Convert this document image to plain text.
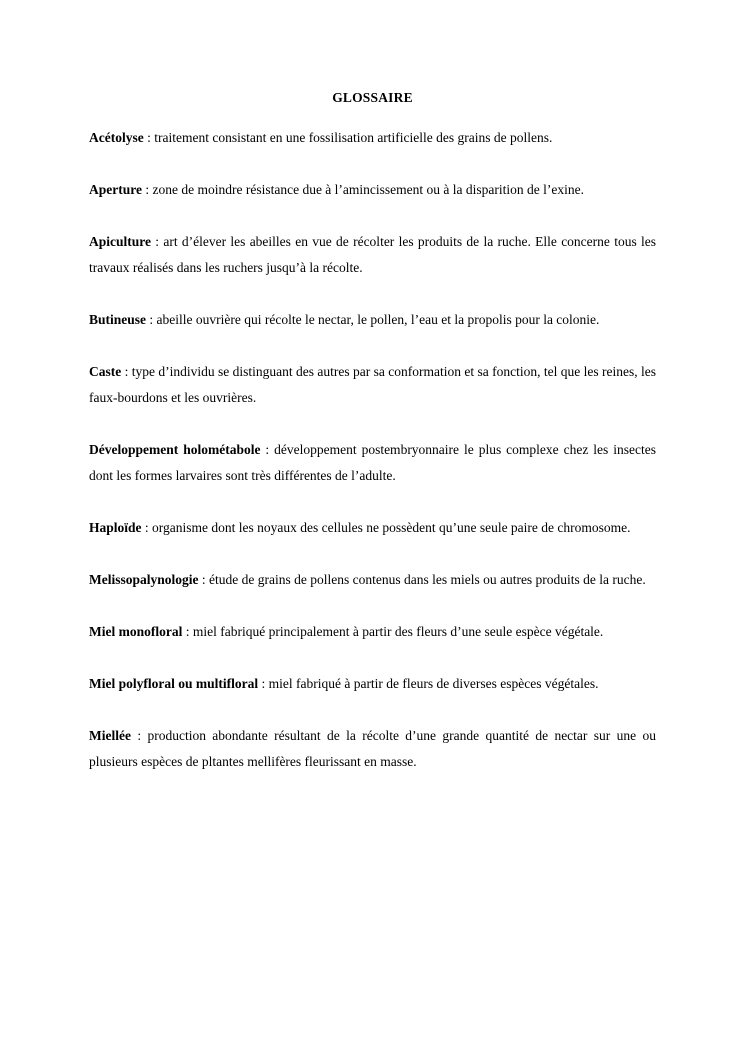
GLOSSAIRE

Acétolyse : traitement consistant en une fossilisation artificielle des grains de pollens.

Aperture : zone de moindre résistance due à l’amincissement ou à la disparition de l’exine.

Apiculture : art d’élever les abeilles en vue de récolter les produits de la ruche. Elle concerne tous les travaux réalisés dans les ruchers jusqu’à la récolte.

Butineuse : abeille ouvrière qui récolte le nectar, le pollen, l’eau et la propolis pour la colonie.

Caste : type d’individu se distinguant des autres par sa conformation et sa fonction, tel que les reines, les faux-bourdons et les ouvrières.

Développement holométabole : développement postembryonnaire le plus complexe chez les insectes dont les formes larvaires sont très différentes de l’adulte.

Haploïde : organisme dont les noyaux des cellules ne possèdent qu’une seule paire de chromosome.

Melissopalynologie : étude de grains de pollens contenus dans les miels ou autres produits de la ruche.

Miel monofloral : miel fabriqué principalement à partir des fleurs d’une seule espèce végétale.

Miel polyfloral ou multifloral : miel fabriqué à partir de fleurs de diverses espèces végétales.

Miellée : production abondante résultant de la récolte d’une grande quantité de nectar sur une ou plusieurs espèces de pltantes mellifères fleurissant en masse.
